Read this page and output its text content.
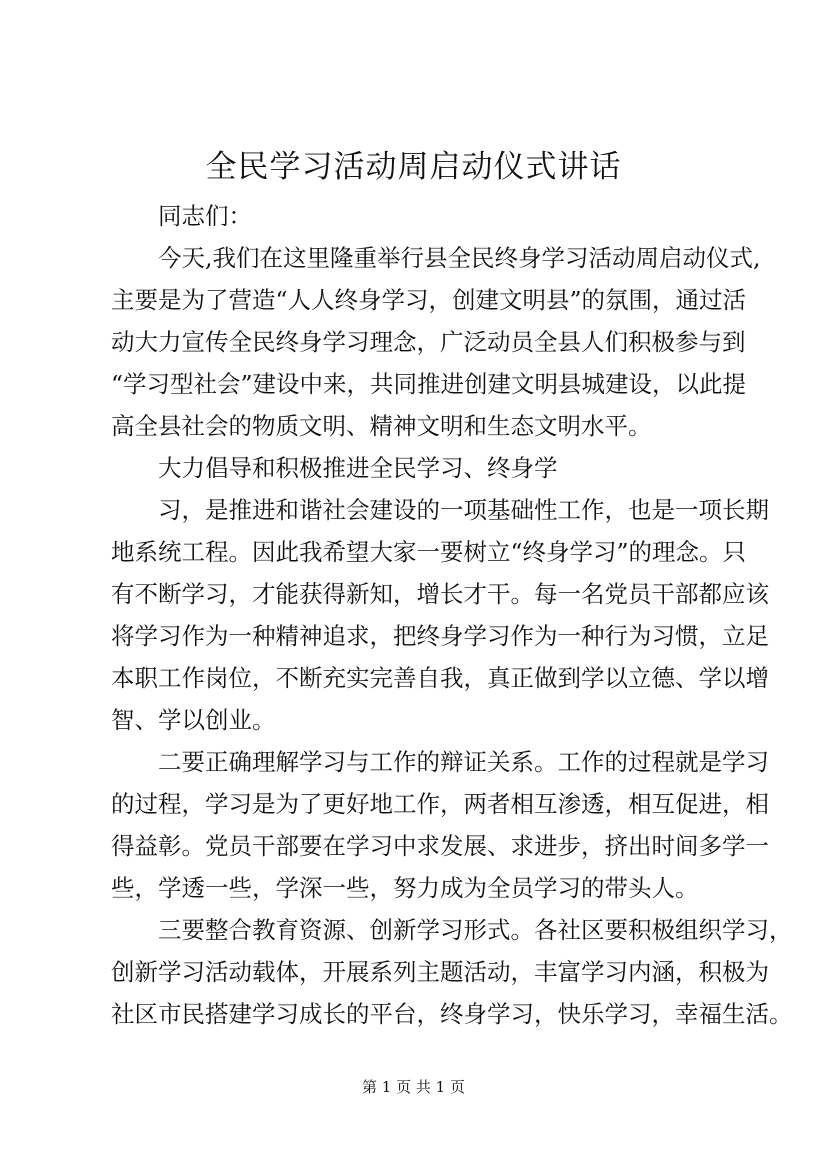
全民学习活动周启动仪式讲话
同志们：
今天,我们在这里隆重举行县全民终身学习活动周启动仪式,
主要是为了营造“人人终身学习，创建文明县”的氛围，通过活
动大力宣传全民终身学习理念，广泛动员全县人们积极参与到
“学习型社会”建设中来，共同推进创建文明县城建设，以此提
高全县社会的物质文明、精神文明和生态文明水平。
大力倡导和积极推进全民学习、终身学
习，是推进和谐社会建设的一项基础性工作，也是一项长期
地系统工程。因此我希望大家一要树立“终身学习”的理念。只
有不断学习，才能获得新知，增长才干。每一名党员干部都应该
将学习作为一种精神追求，把终身学习作为一种行为习惯，立足
本职工作岗位，不断充实完善自我，真正做到学以立德、学以增
智、学以创业。
二要正确理解学习与工作的辩证关系。工作的过程就是学习
的过程，学习是为了更好地工作，两者相互渗透，相互促进，相
得益彰。党员干部要在学习中求发展、求进步，挤出时间多学一
些，学透一些，学深一些，努力成为全员学习的带头人。
三要整合教育资源、创新学习形式。各社区要积极组织学习，
创新学习活动载体，开展系列主题活动，丰富学习内涵，积极为
社区市民搭建学习成长的平台，终身学习，快乐学习，幸福生活。
第 1 页 共 1 页
